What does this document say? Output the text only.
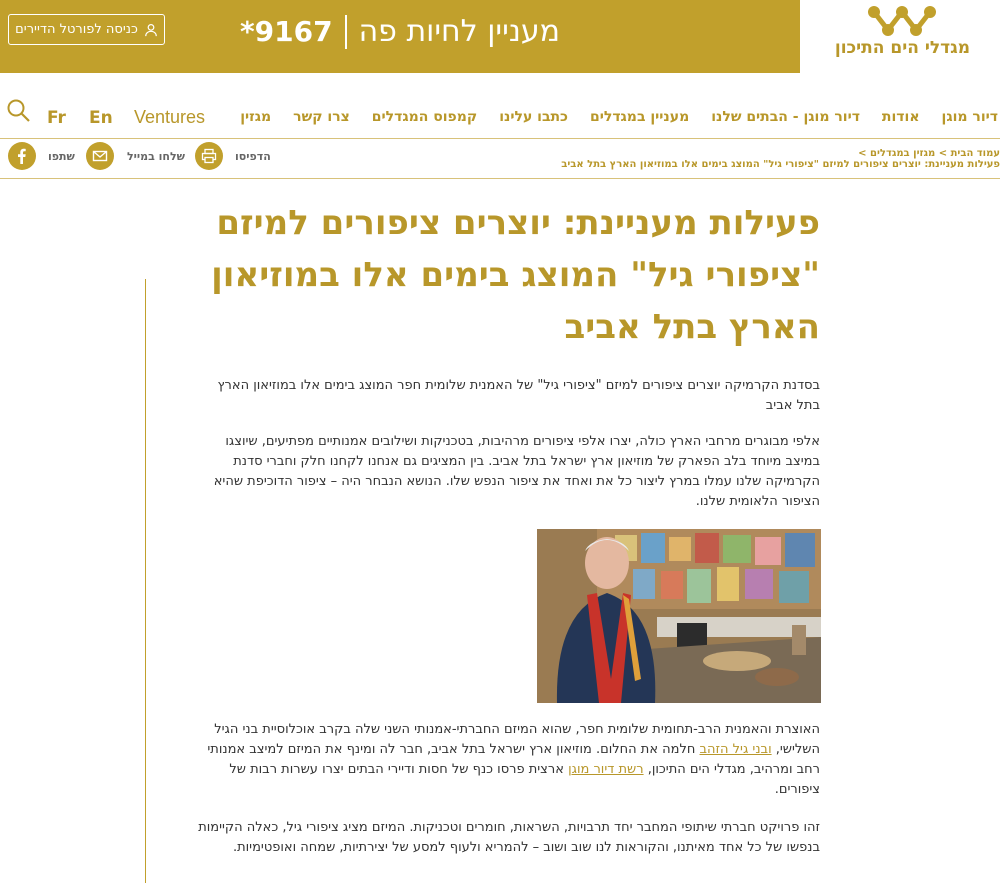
כניסה לפורטל הדיירים	מעניין לחיות פה
*9167	מגדלי הים התיכון
Fr En Ventures	דיור מוגן
אודות
דיור מוגן - הבתים שלנו
מעניין במגדלים
כתבו עלינו
קמפוס המגדלים
צרו קשר
מגזין
שתפו	שלחו במייל	הדפיסו	עמוד הבית > מגזין במגדלים >
פעילות מעניינת: יוצרים ציפורים למיזם "ציפורי גיל" המוצג בימים אלו במוזיאון הארץ בתל אביב
פעילות מעניינת: יוצרים ציפורים למיזם "ציפורי גיל" המוצג בימים אלו במוזיאון הארץ בתל אביב
בסדנת הקרמיקה יוצרים ציפורים למיזם "ציפורי גיל" של האמנית שלומית חפר המוצג בימים אלו במוזיאון הארץ בתל אביב
אלפי מבוגרים מרחבי הארץ כולה, יצרו אלפי ציפורים מרהיבות, בטכניקות ושילובים אמנותיים מפתיעים, שיוצגו במיצב מיוחד בלב הפארק של מוזיאון ארץ ישראל בתל אביב. בין המציגים גם אנחנו לקחנו חלק וחברי סדנת הקרמיקה שלנו עמלו במרץ ליצור כל את ואחד את ציפור הנפש שלו. הנושא הנבחר היה – ציפור הדוכיפת שהיא הציפור הלאומית שלנו.
האוצרת והאמנית הרב-תחומית שלומית חפר, שהוא המיזם החברתי-אמנותי השני שלה בקרב אוכלוסיית בני הגיל השלישי, ובני גיל הזהב חלמה את החלום. מוזיאון ארץ ישראל בתל אביב, חבר לה ומינף את המיזם למיצב אמנותי רחב ומרהיב, מגדלי הים התיכון, רשת דיור מוגן ארצית פרסו כנף של חסות ודיירי הבתים יצרו עשרות רבות של ציפורים.
זהו פרויקט חברתי שיתופי המחבר יחד תרבויות, השראות, חומרים וטכניקות. המיזם מציג ציפורי גיל, כאלה הקיימות בנפשו של כל אחד מאיתנו, והקוראות לנו שוב ושוב – להמריא ולעוף למסע של יצירתיות, שמחה ואופטימיות.
